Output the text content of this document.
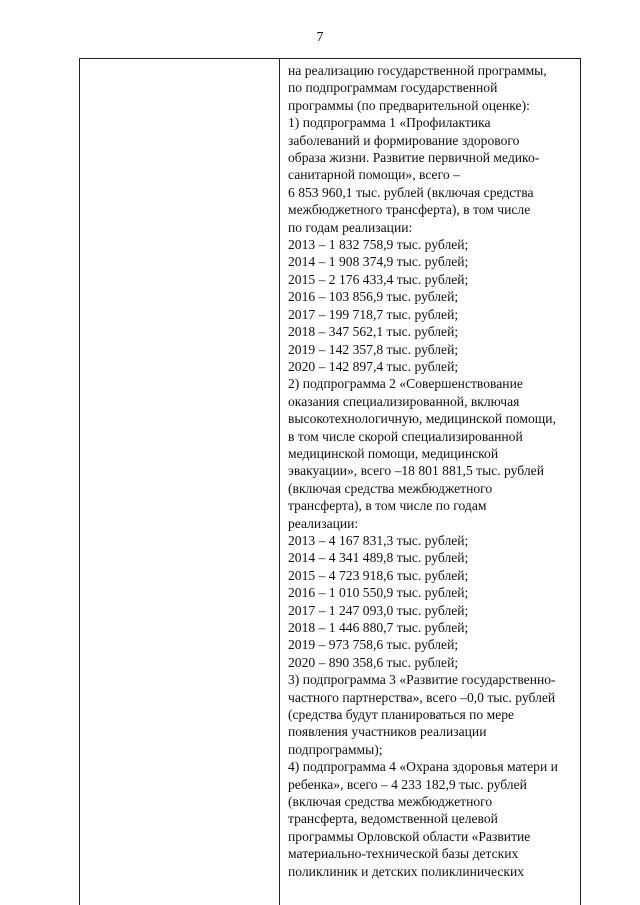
7
на реализацию государственной программы,
по подпрограммам государственной
программы (по предварительной оценке):
1) подпрограмма 1 «Профилактика
заболеваний и формирование здорового
образа жизни. Развитие первичной медико-
санитарной помощи», всего –
6 853 960,1 тыс. рублей (включая средства
межбюджетного трансферта), в том числе
по годам реализации:
2013 – 1 832 758,9 тыс. рублей;
2014 – 1 908 374,9 тыс. рублей;
2015 – 2 176 433,4 тыс. рублей;
2016 – 103 856,9 тыс. рублей;
2017 – 199 718,7 тыс. рублей;
2018 – 347 562,1 тыс. рублей;
2019 – 142 357,8 тыс. рублей;
2020 – 142 897,4 тыс. рублей;
2) подпрограмма 2 «Совершенствование
оказания специализированной, включая
высокотехнологичную, медицинской помощи,
в том числе скорой специализированной
медицинской помощи, медицинской
эвакуации», всего –18 801 881,5 тыс. рублей
(включая средства межбюджетного
трансферта), в том числе по годам
реализации:
2013 – 4 167 831,3 тыс. рублей;
2014 – 4 341 489,8 тыс. рублей;
2015 – 4 723 918,6 тыс. рублей;
2016 – 1 010 550,9 тыс. рублей;
2017 – 1 247 093,0 тыс. рублей;
2018 – 1 446 880,7 тыс. рублей;
2019 – 973 758,6 тыс. рублей;
2020 – 890 358,6 тыс. рублей;
3) подпрограмма 3 «Развитие государственно-
частного партнерства», всего –0,0 тыс. рублей
(средства будут планироваться по мере
появления участников реализации
подпрограммы);
4) подпрограмма 4 «Охрана здоровья матери и
ребенка», всего – 4 233 182,9 тыс. рублей
(включая средства межбюджетного
трансферта, ведомственной целевой
программы Орловской области «Развитие
материально-технической базы детских
поликлиник и детских поликлинических
